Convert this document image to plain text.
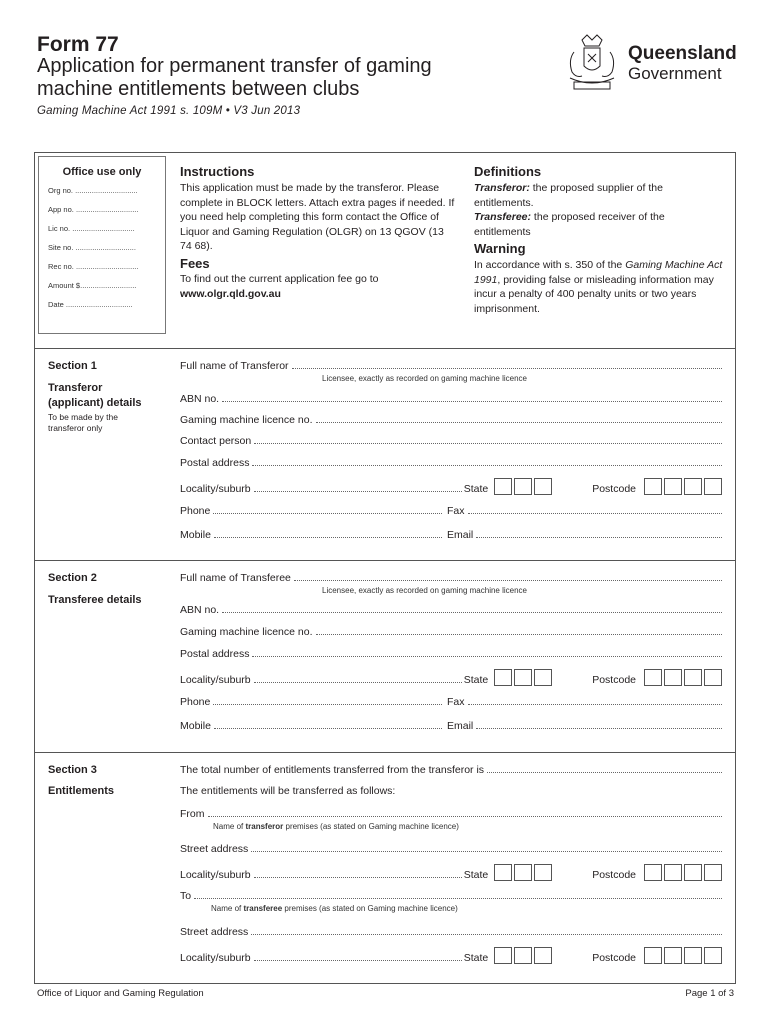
Form 77
Application for permanent transfer of gaming machine entitlements between clubs
Gaming Machine Act 1991 s. 109M • V3 Jun 2013
Queensland
Government
Office use only
Org no. ..............................
App no. ..............................
Lic no. ..............................
Site no. .............................
Rec no. ..............................
Amount $...........................
Date ................................
Instructions
This application must be made by the transferor. Please complete in BLOCK letters. Attach extra pages if needed. If you need help completing this form contact the Office of Liquor and Gaming Regulation (OLGR) on 13 QGOV (13 74 68).
Fees
To find out the current application fee go to
www.olgr.qld.gov.au
Definitions
Transferor: the proposed supplier of the entitlements.
Transferee: the proposed receiver of the entitlements
Warning
In accordance with s. 350 of the Gaming Machine Act 1991, providing false or misleading information may incur a penalty of 400 penalty units or two years imprisonment.
Section 1
Transferor (applicant) details
To be made by the transferor only
Full name of Transferor
Licensee, exactly as recorded on gaming machine licence
ABN no.
Gaming machine licence no.
Contact person
Postal address
Locality/suburb	State	Postcode
Phone	Fax
Mobile	Email
Section 2
Transferee details
Full name of Transferee
Licensee, exactly as recorded on gaming machine licence
ABN no.
Gaming machine licence no.
Postal address
Locality/suburb	State	Postcode
Phone	Fax
Mobile	Email
Section 3
Entitlements
The total number of entitlements transferred from the transferor is
The entitlements will be transferred as follows:
From
Name of transferor premises (as stated on Gaming machine licence)
Street address
Locality/suburb	State	Postcode
To
Name of transferee premises (as stated on Gaming machine licence)
Street address
Locality/suburb	State	Postcode
Office of Liquor and Gaming Regulation	Page 1 of 3
